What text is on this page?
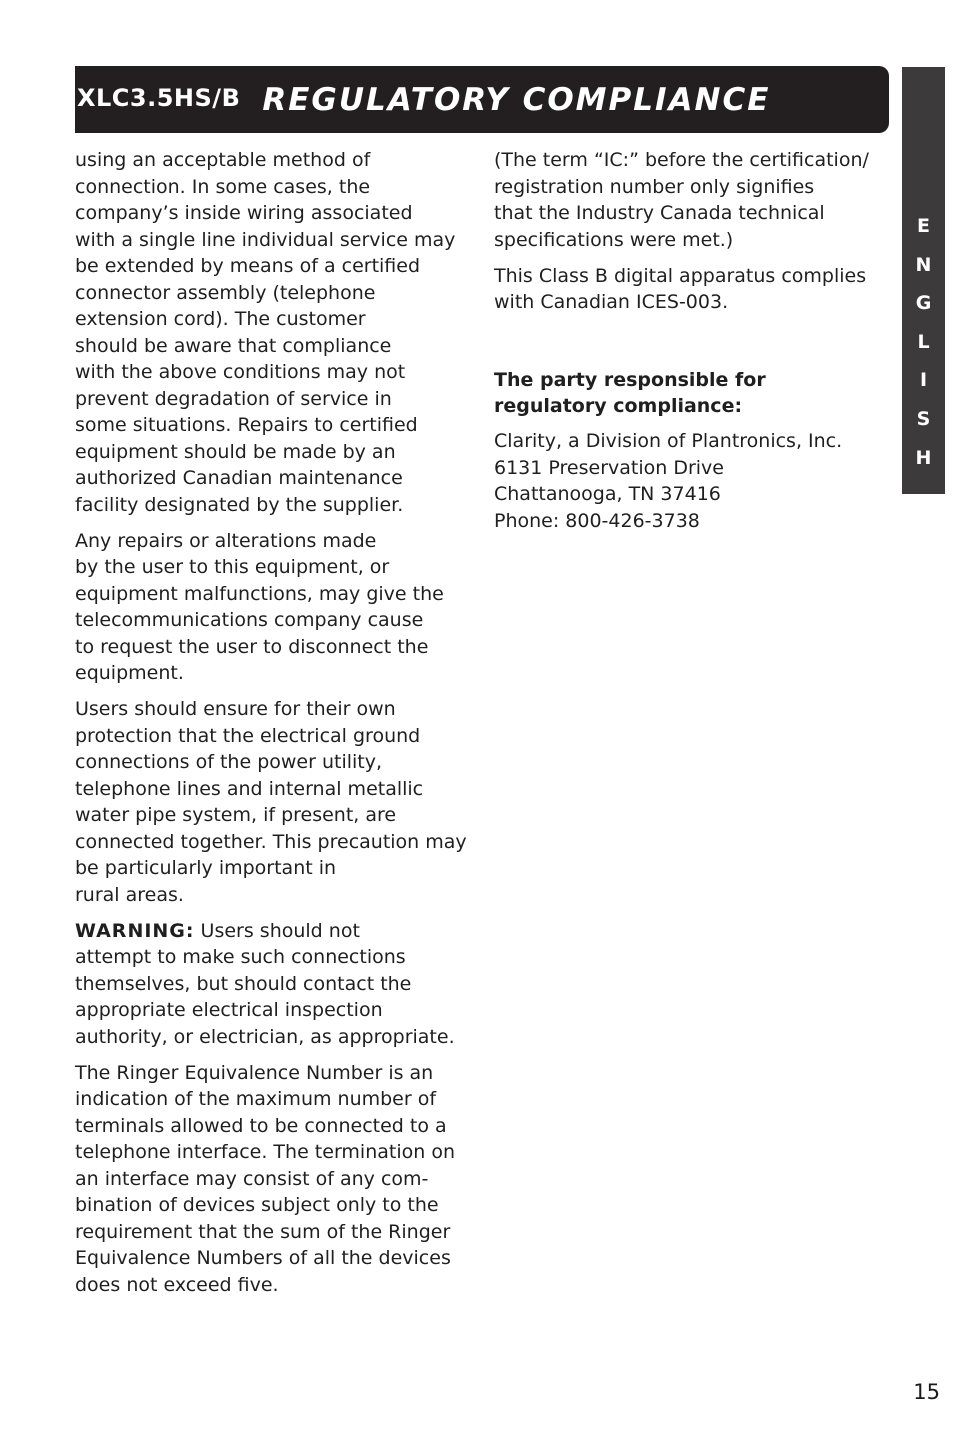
XLC3.5HS/B REGULATORY COMPLIANCE
E
N
G
L
I
S
H

using an acceptable method of
connection. In some cases, the
company’s inside wiring associated
with a single line individual service may
be extended by means of a certified
connector assembly (telephone
extension cord). The customer
should be aware that compliance
with the above conditions may not
prevent degradation of service in
some situations. Repairs to certified
equipment should be made by an
authorized Canadian maintenance
facility designated by the supplier.

Any repairs or alterations made
by the user to this equipment, or
equipment malfunctions, may give the
telecommunications company cause
to request the user to disconnect the
equipment.

Users should ensure for their own
protection that the electrical ground
connections of the power utility,
telephone lines and internal metallic
water pipe system, if present, are
connected together. This precaution may
be particularly important in
rural areas.

WARNING: Users should not
attempt to make such connections
themselves, but should contact the
appropriate electrical inspection
authority, or electrician, as appropriate.

The Ringer Equivalence Number is an
indication of the maximum number of
terminals allowed to be connected to a
telephone interface. The termination on
an interface may consist of any com-
bination of devices subject only to the
requirement that the sum of the Ringer
Equivalence Numbers of all the devices
does not exceed five.

(The term “IC:” before the certification/
registration number only signifies
that the Industry Canada technical
specifications were met.)

This Class B digital apparatus complies
with Canadian ICES-003.

The party responsible for
regulatory compliance:

Clarity, a Division of Plantronics, Inc.
6131 Preservation Drive
Chattanooga, TN 37416
Phone: 800-426-3738

15
